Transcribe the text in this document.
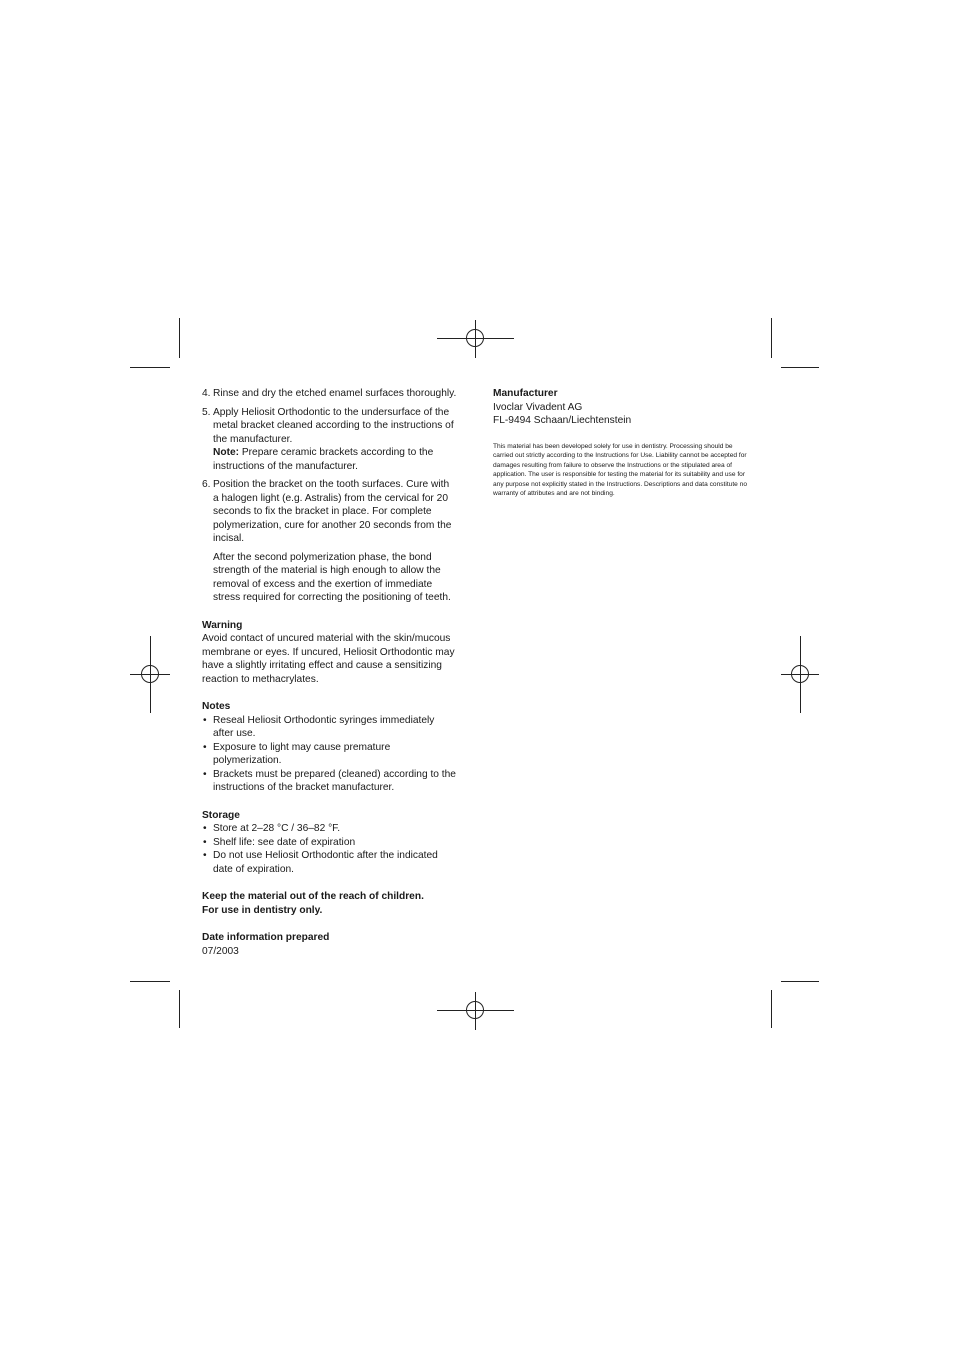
4. Rinse and dry the etched enamel surfaces thoroughly.

5. Apply Heliosit Orthodontic to the undersurface of the metal bracket cleaned according to the instructions of the manufacturer.
Note: Prepare ceramic brackets according to the instructions of the manufacturer.

6. Position the bracket on the tooth surfaces. Cure with a halogen light (e.g. Astralis) from the cervical for 20 seconds to fix the bracket in place. For complete polymerization, cure for another 20 seconds from the incisal.

After the second polymerization phase, the bond strength of the material is high enough to allow the removal of excess and the exertion of immediate stress required for correcting the positioning of teeth.

Warning

Avoid contact of uncured material with the skin/mucous membrane or eyes. If uncured, Heliosit Orthodontic may have a slightly irritating effect and cause a sensitizing reaction to methacrylates.

Notes
• Reseal Heliosit Orthodontic syringes immediately after use.
• Exposure to light may cause premature polymerization.
• Brackets must be prepared (cleaned) according to the instructions of the bracket manufacturer.
Storage
• Store at 2–28 °C / 36–82 °F.
• Shelf life: see date of expiration
• Do not use Heliosit Orthodontic after the indicated date of expiration.
Keep the material out of the reach of children.
For use in dentistry only.
Date information prepared
07/2003
Manufacturer
Ivoclar Vivadent AG
FL-9494 Schaan/Liechtenstein

This material has been developed solely for use in dentistry. Processing should be carried out strictly according to the Instructions for Use. Liability cannot be accepted for damages resulting from failure to observe the Instructions or the stipulated area of application. The user is responsible for testing the material for its suitability and use for any purpose not explicitly stated in the Instructions. Descriptions and data constitute no warranty of attributes and are not binding.
